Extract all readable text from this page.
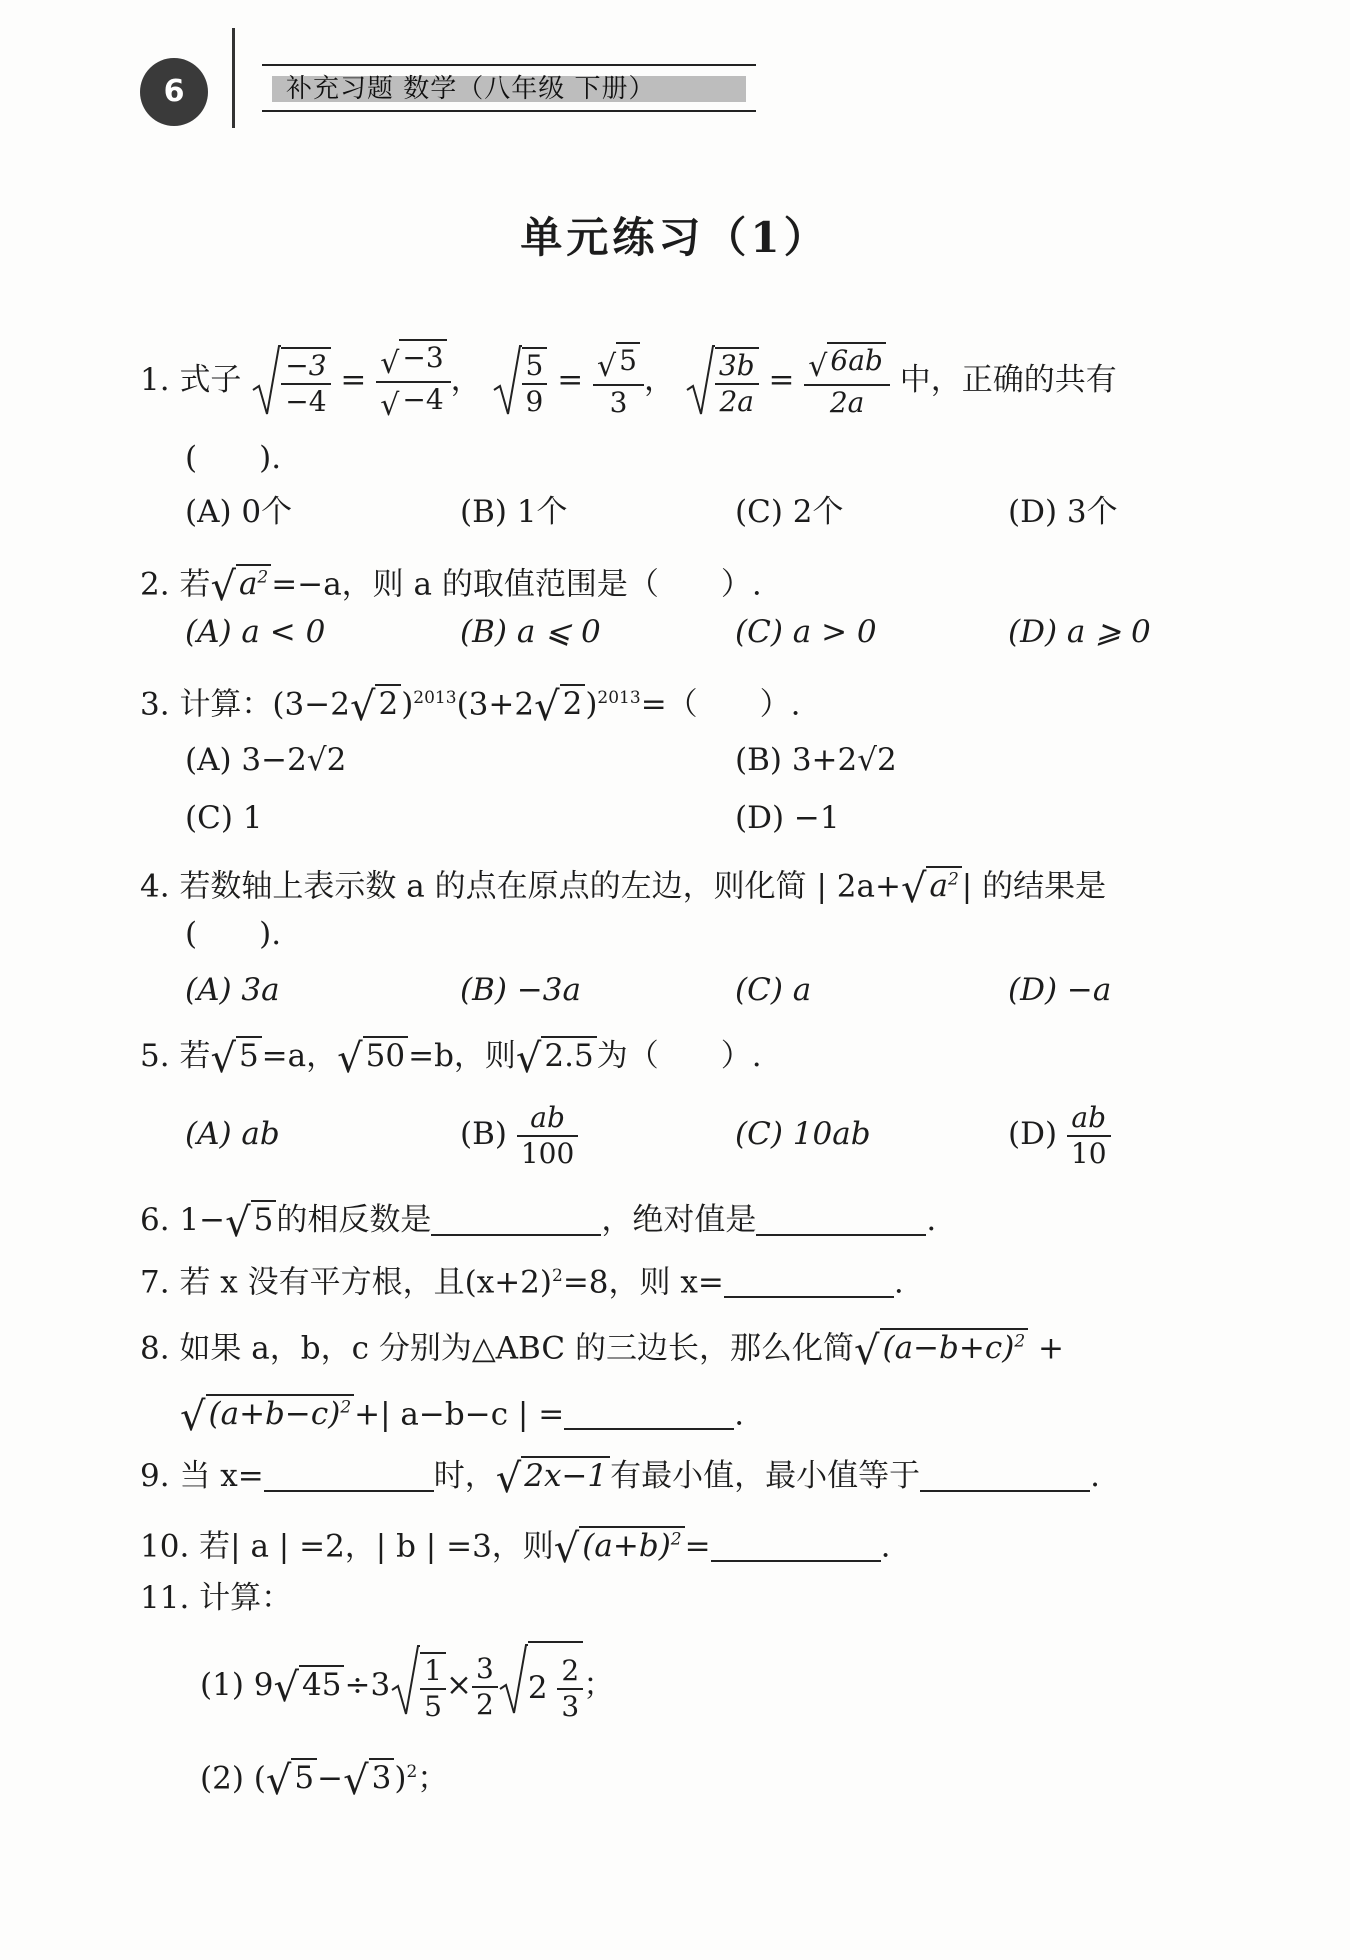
6	补充习题 数学（八年级 下册）
单元练习（1）
1. 式子 $\frac{-3}{-4} = \frac{√ -3}{√ -4}$ ， $\frac{5}{9} = \frac{√ 5}{3}$ ， $\frac{3b}{2a} = \frac{√ 6ab}{2a}$ 中，正确的共有
(　　).
(A) 0个	(B) 1个	(C) 2个	(D) 3个
2. 若$√a^2=-a$，则 a 的取值范围是（　　）.
(A) a < 0	(B) a ⩽ 0	(C) a > 0	(D) a ⩾ 0
3. 计算：$(3-2√2)^{2013}(3+2√2)^{2013}=$（　　）.
(A) 3−2√2	(B) 3+2√2
(C) 1	(D) −1
4. 若数轴上表示数 a 的点在原点的左边，则化简 | $2a+√a^2|$ 的结果是
(　　).
(A) 3a	(B) −3a	(C) a	(D) −a
5. 若√5=a，√50=b，则√2.5为（　　）.
(A) ab	$(B) \frac{ab}{100}$	(C) 10ab	$(D) \frac{ab}{10}$
6. 1−√5的相反数是	，绝对值是	.
7. 若 x 没有平方根，且$(x+2)^2=8$，则 x=	.
8. 如果 a，b，c 分别为△ABC 的三边长，那么化简$√(a-b+c)^2$ +
$√(a+b-c)^2+|$ a−b−c | =	.
9. 当 x=	时，√2x−1有最小值，最小值等于	.
10. 若| a | =2，| b | =3，则$√(a+b)^2=$	.
11. 计算：
(1) $9√45\div 3 \frac{1}{5} \times \frac{3}{2} 2 \frac{2}{3}$ ；
(2) $(√5-√3)^2$；
